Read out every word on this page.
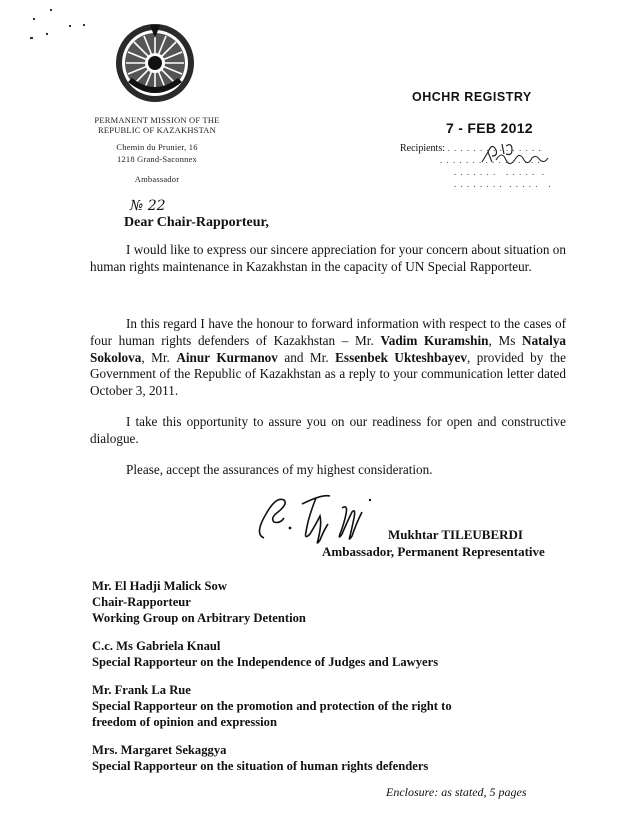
PERMANENT MISSION OF THE
REPUBLIC OF KAZAKHSTAN
Chemin du Prunier, 16
1218 Grand-Saconnex
Ambassador
OHCHR REGISTRY
7 - FEB 2012
Recipients: . . . . . . . . . . . . . . .
. . . . . . . . . . . . . . . .
. . . . . . .   . . . . .  .
. . . . . . . .  . . . . .   .
№ 22
Dear Chair-Rapporteur,
I would like to express our sincere appreciation for your concern about situation on human rights maintenance in Kazakhstan in the capacity of UN Special Rapporteur.
In this regard I have the honour to forward information with respect to the cases of four human rights defenders of Kazakhstan – Mr. Vadim Kuramshin, Ms Natalya Sokolova, Mr. Ainur Kurmanov and Mr. Essenbek Ukteshbayev, provided by the Government of the Republic of Kazakhstan as a reply to your communication letter dated October 3, 2011.
I take this opportunity to assure you on our readiness for open and constructive dialogue.
Please, accept the assurances of my highest consideration.
Mukhtar TILEUBERDI
Ambassador, Permanent Representative
Mr. El Hadji Malick Sow
Chair-Rapporteur
Working Group on Arbitrary Detention
C.c. Ms Gabriela Knaul
Special Rapporteur on the Independence of Judges and Lawyers
Mr. Frank La Rue
Special Rapporteur on the promotion and protection of the right to freedom of opinion and expression
Mrs. Margaret Sekaggya
Special Rapporteur on the situation of human rights defenders
Enclosure: as stated, 5 pages
